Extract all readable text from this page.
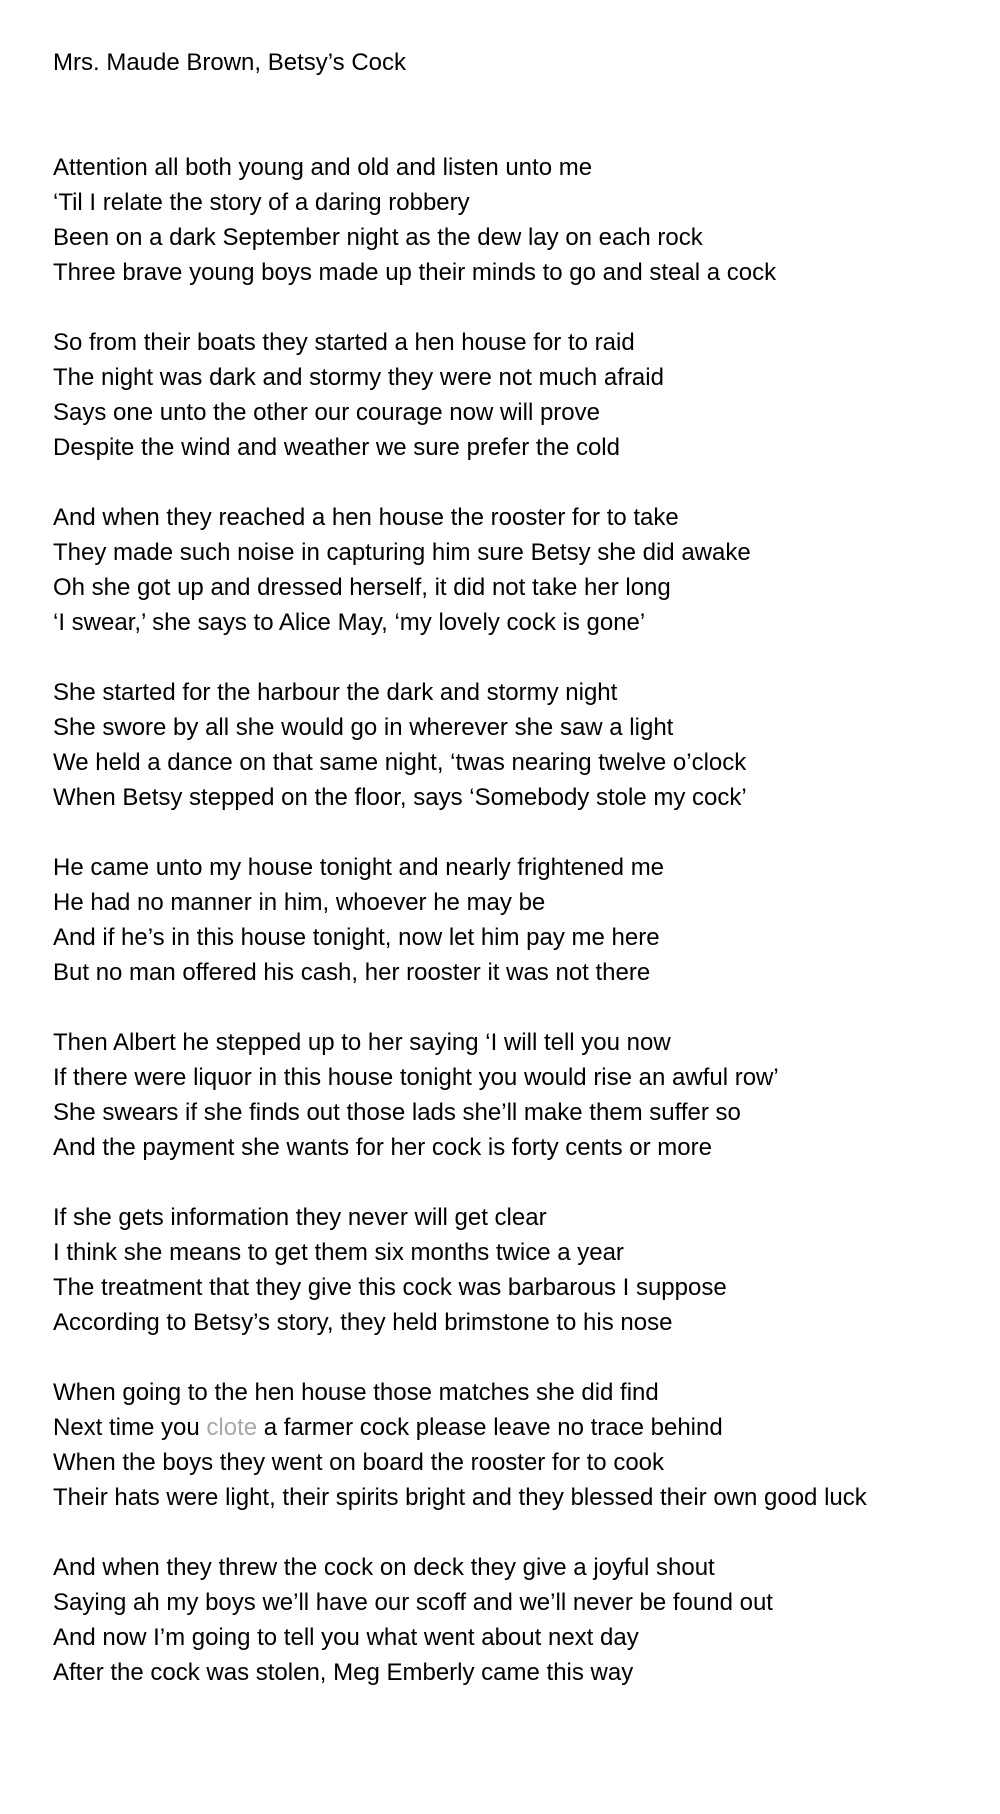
Mrs. Maude Brown, Betsy’s Cock
Attention all both young and old and listen unto me
‘Til I relate the story of a daring robbery
Been on a dark September night as the dew lay on each rock
Three brave young boys made up their minds to go and steal a cock
So from their boats they started a hen house for to raid
The night was dark and stormy they were not much afraid
Says one unto the other our courage now will prove
Despite the wind and weather we sure prefer the cold
And when they reached a hen house the rooster for to take
They made such noise in capturing him sure Betsy she did awake
Oh she got up and dressed herself, it did not take her long
‘I swear,’ she says to Alice May, ‘my lovely cock is gone’
She started for the harbour the dark and stormy night
She swore by all she would go in wherever she saw a light
We held a dance on that same night, ‘twas nearing twelve o’clock
When Betsy stepped on the floor, says ‘Somebody stole my cock’
He came unto my house tonight and nearly frightened me
He had no manner in him, whoever he may be
And if he’s in this house tonight, now let him pay me here
But no man offered his cash, her rooster it was not there
Then Albert he stepped up to her saying ‘I will tell you now
If there were liquor in this house tonight you would rise an awful row’
She swears if she finds out those lads she’ll make them suffer so
And the payment she wants for her cock is forty cents or more
If she gets information they never will get clear
I think she means to get them six months twice a year
The treatment that they give this cock was barbarous I suppose
According to Betsy’s story, they held brimstone to his nose
When going to the hen house those matches she did find
Next time you clote a farmer cock please leave no trace behind
When the boys they went on board the rooster for to cook
Their hats were light, their spirits bright and they blessed their own good luck
And when they threw the cock on deck they give a joyful shout
Saying ah my boys we’ll have our scoff and we’ll never be found out
And now I’m going to tell you what went about next day
After the cock was stolen, Meg Emberly came this way
